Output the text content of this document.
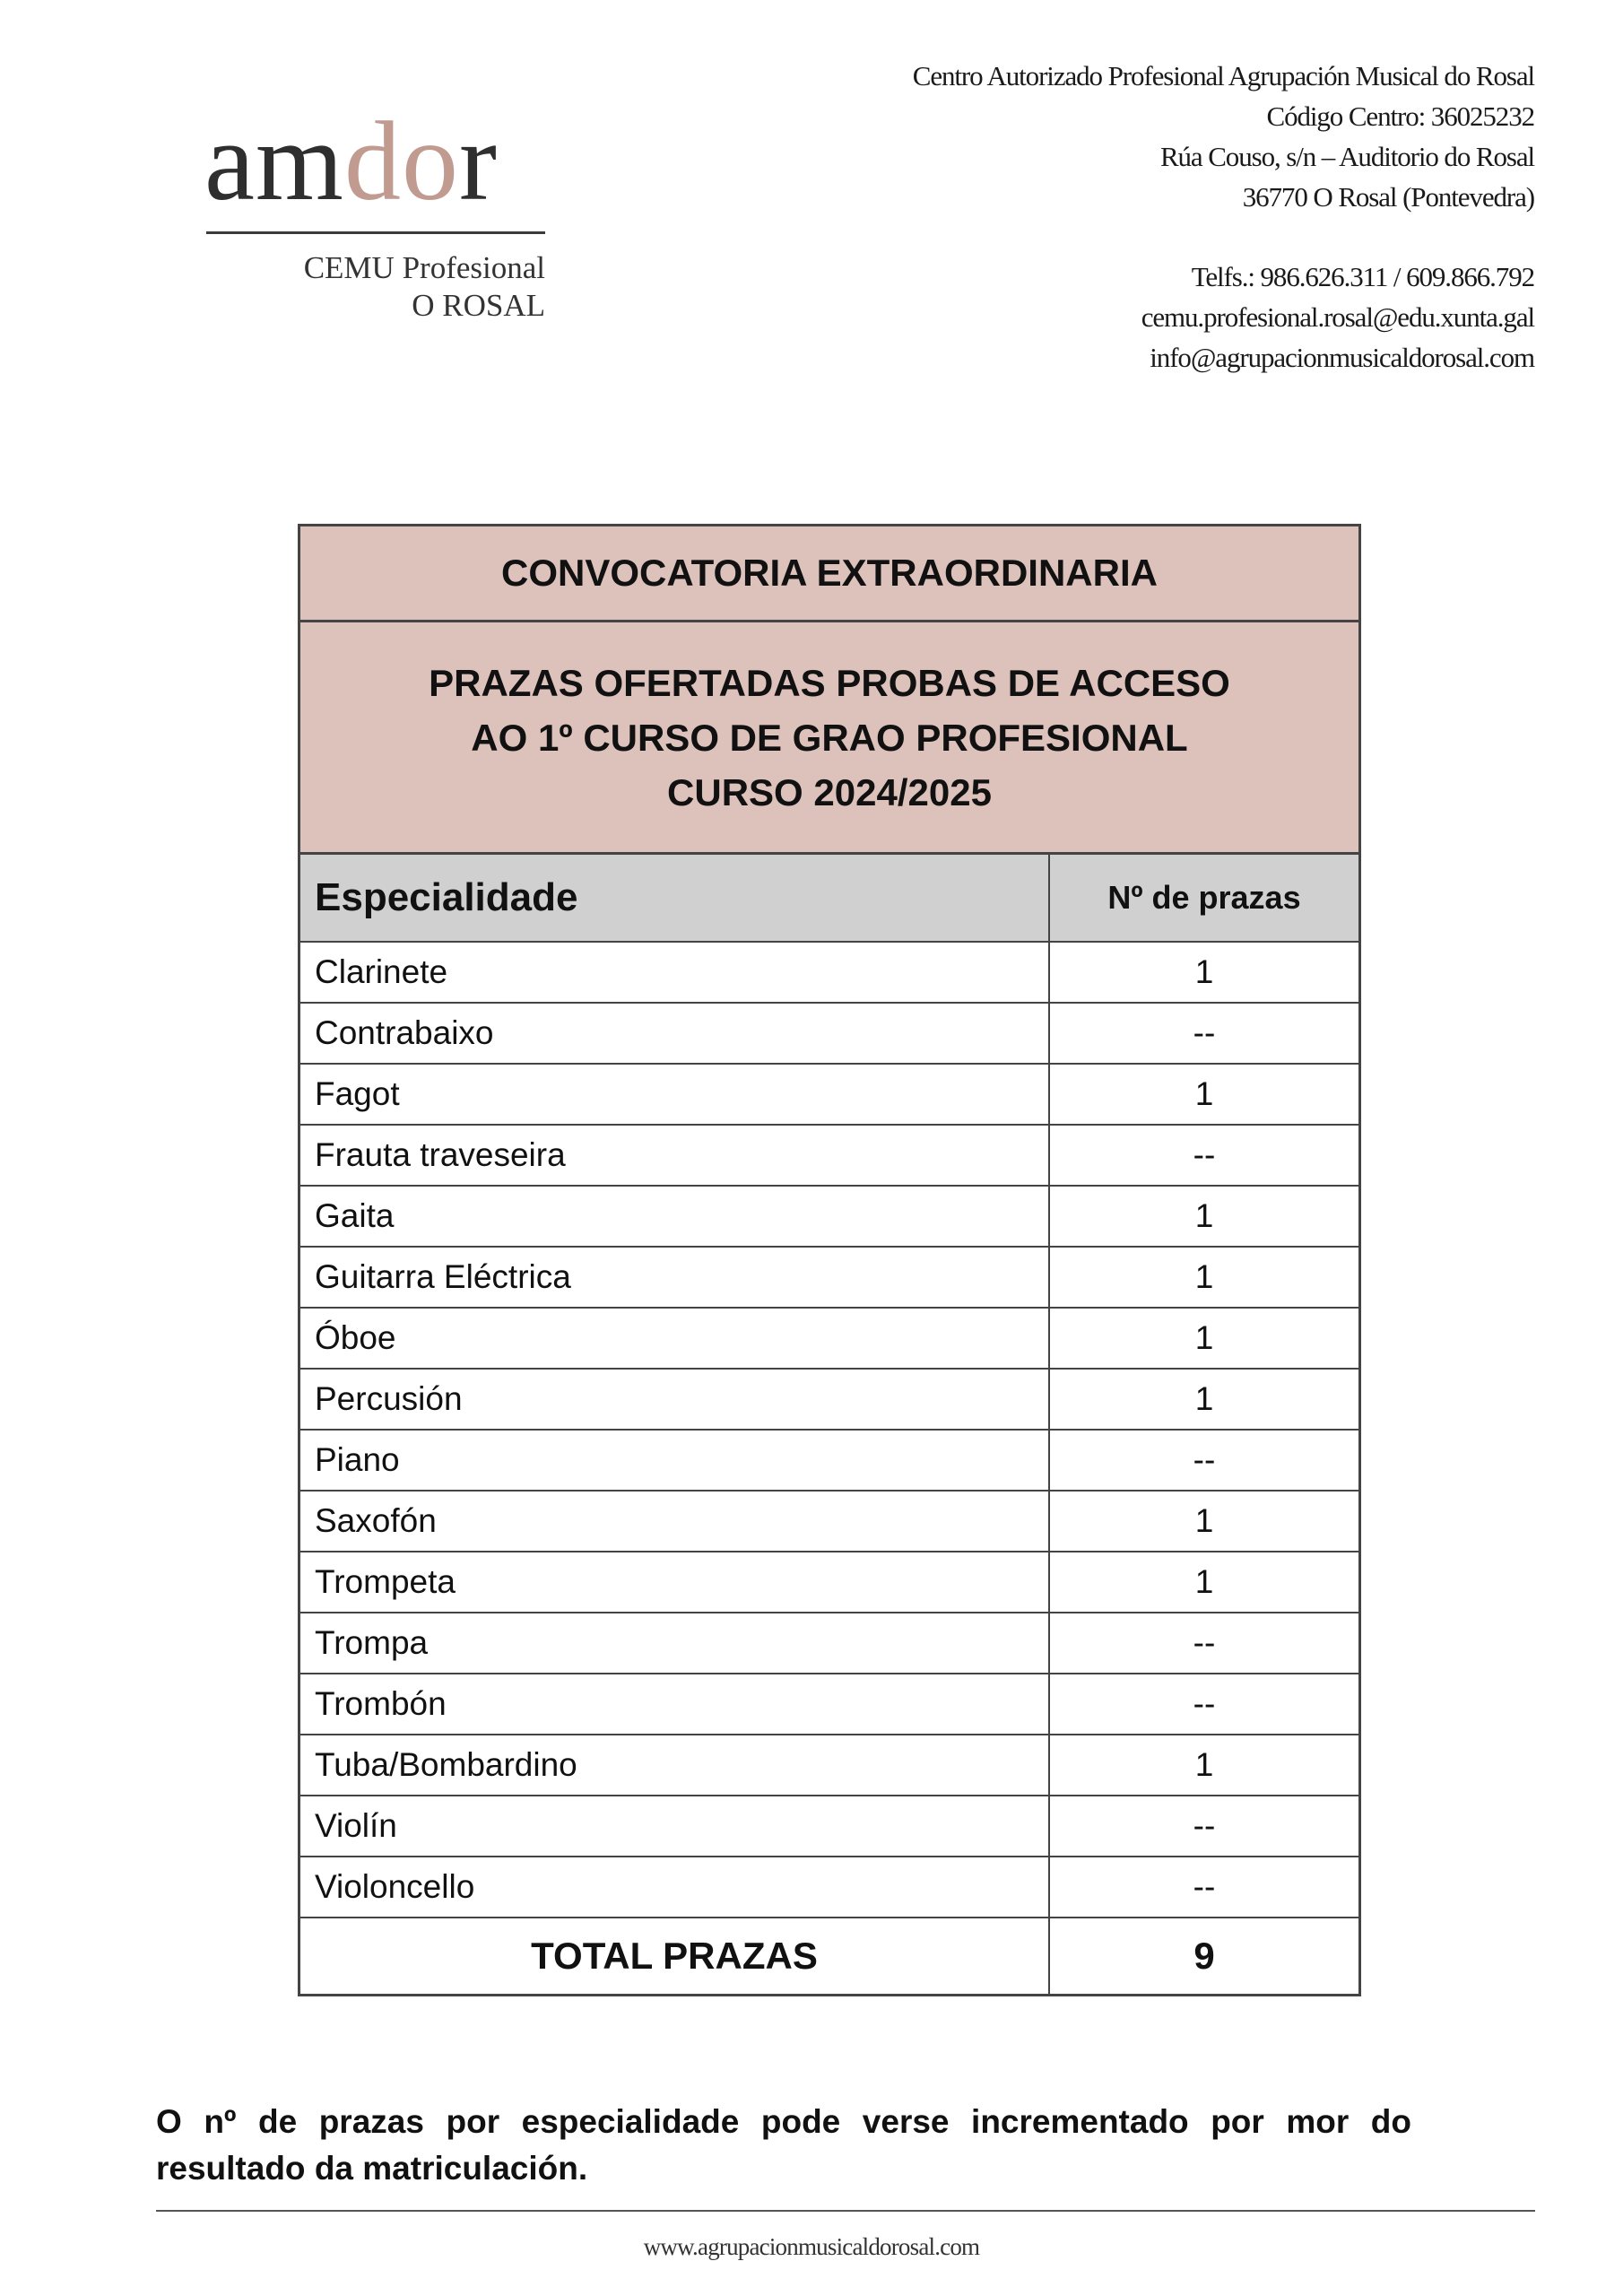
amdor
CEMU Profesional
O ROSAL
Centro Autorizado Profesional Agrupación Musical do Rosal
Código Centro: 36025232
Rúa Couso, s/n – Auditorio do Rosal
36770 O Rosal (Pontevedra)
Telfs.: 986.626.311 / 609.866.792
cemu.profesional.rosal@edu.xunta.gal
info@agrupacionmusicaldorosal.com
CONVOCATORIA EXTRAORDINARIA
PRAZAS OFERTADAS PROBAS DE ACCESO
AO 1º CURSO DE GRAO PROFESIONAL
CURSO 2024/2025
Especialidade	Nº de prazas
Clarinete	1
Contrabaixo	--
Fagot	1
Frauta traveseira	--
Gaita	1
Guitarra Eléctrica	1
Óboe	1
Percusión	1
Piano	--
Saxofón	1
Trompeta	1
Trompa	--
Trombón	--
Tuba/Bombardino	1
Violín	--
Violoncello	--
TOTAL PRAZAS	9
O nº de prazas por especialidade pode verse incrementado por mor do resultado da matriculación.
www.agrupacionmusicaldorosal.com
